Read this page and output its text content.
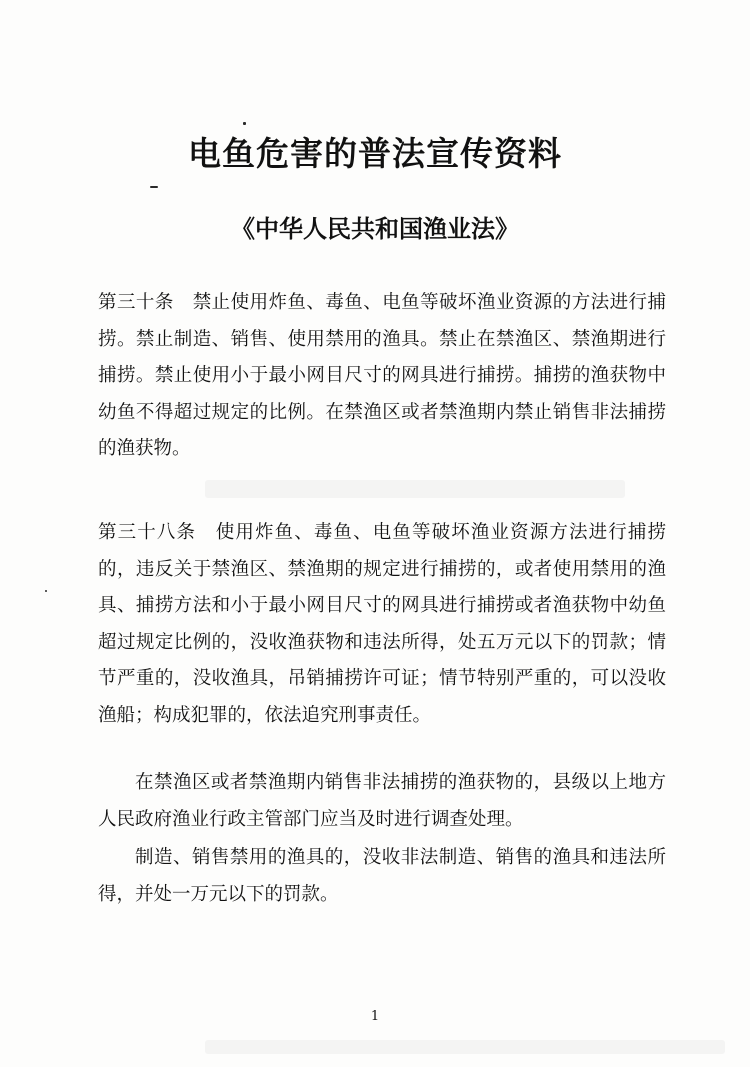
电鱼危害的普法宣传资料
《中华人民共和国渔业法》
第三十条　禁止使用炸鱼、毒鱼、电鱼等破坏渔业资源的方法进行捕捞。禁止制造、销售、使用禁用的渔具。禁止在禁渔区、禁渔期进行捕捞。禁止使用小于最小网目尺寸的网具进行捕捞。捕捞的渔获物中幼鱼不得超过规定的比例。在禁渔区或者禁渔期内禁止销售非法捕捞的渔获物。
第三十八条　使用炸鱼、毒鱼、电鱼等破坏渔业资源方法进行捕捞的，违反关于禁渔区、禁渔期的规定进行捕捞的，或者使用禁用的渔具、捕捞方法和小于最小网目尺寸的网具进行捕捞或者渔获物中幼鱼超过规定比例的，没收渔获物和违法所得，处五万元以下的罚款；情节严重的，没收渔具，吊销捕捞许可证；情节特别严重的，可以没收渔船；构成犯罪的，依法追究刑事责任。
在禁渔区或者禁渔期内销售非法捕捞的渔获物的，县级以上地方人民政府渔业行政主管部门应当及时进行调查处理。
制造、销售禁用的渔具的，没收非法制造、销售的渔具和违法所得，并处一万元以下的罚款。
1
